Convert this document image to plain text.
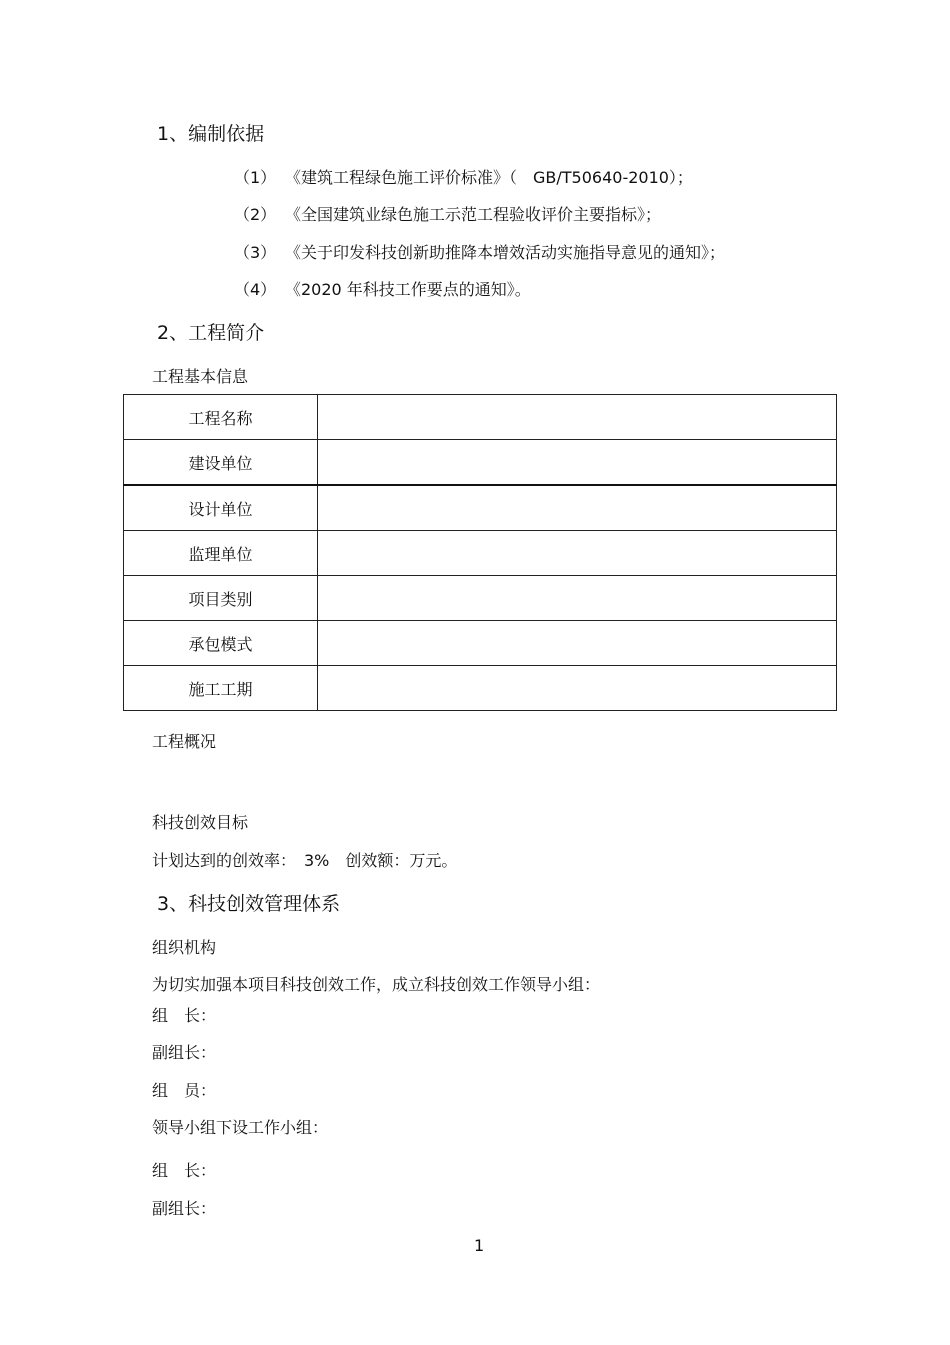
1、编制依据
（1） 《建筑工程绿色施工评价标准》（　GB/T50640-2010）；
（2） 《全国建筑业绿色施工示范工程验收评价主要指标》；
（3） 《关于印发科技创新助推降本增效活动实施指导意见的通知》；
（4） 《2020 年科技工作要点的通知》。
2、工程简介
工程基本信息
工程名称	
建设单位	
设计单位	
监理单位	
项目类别	
承包模式	
施工工期	
工程概况
科技创效目标
计划达到的创效率：　3%　创效额：万元。
3、科技创效管理体系
组织机构
为切实加强本项目科技创效工作，成立科技创效工作领导小组：
组　长：
副组长：
组　员：
领导小组下设工作小组：
组　长：
副组长：
1
